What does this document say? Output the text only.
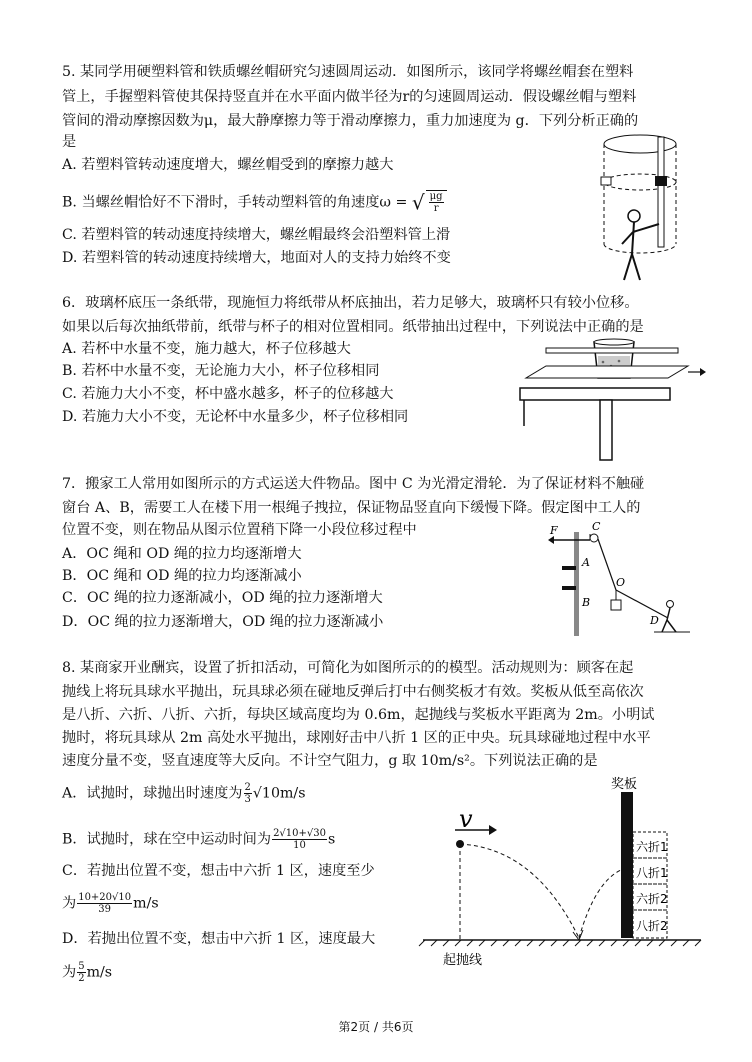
5. 某同学用硬塑料管和铁质螺丝帽研究匀速圆周运动．如图所示，该同学将螺丝帽套在塑料
管上，手握塑料管使其保持竖直并在水平面内做半径为r的匀速圆周运动．假设螺丝帽与塑料
管间的滑动摩擦因数为μ，最大静摩擦力等于滑动摩擦力，重力加速度为 g．下列分析正确的
是
A. 若塑料管转动速度增大，螺丝帽受到的摩擦力越大
B. 当螺丝帽恰好不下滑时，手转动塑料管的角速度ω = √ $\frac{\mu g}{r}$
C. 若塑料管的转动速度持续增大，螺丝帽最终会沿塑料管上滑
D. 若塑料管的转动速度持续增大，地面对人的支持力始终不变
6．玻璃杯底压一条纸带，现施恒力将纸带从杯底抽出，若力足够大，玻璃杯只有较小位移。
如果以后每次抽纸带前，纸带与杯子的相对位置相同。纸带抽出过程中，下列说法中正确的是
A. 若杯中水量不变，施力越大，杯子位移越大
B. 若杯中水量不变，无论施力大小，杯子位移相同
C. 若施力大小不变，杯中盛水越多，杯子的位移越大
D. 若施力大小不变，无论杯中水量多少，杯子位移相同
7．搬家工人常用如图所示的方式运送大件物品。图中 C 为光滑定滑轮．为了保证材料不触碰
窗台 A、B，需要工人在楼下用一根绳子拽拉，保证物品竖直向下缓慢下降。假定图中工人的
位置不变，则在物品从图示位置稍下降一小段位移过程中
A．OC 绳和 OD 绳的拉力均逐渐增大
B．OC 绳和 OD 绳的拉力均逐渐减小
C．OC 绳的拉力逐渐减小，OD 绳的拉力逐渐增大
D．OC 绳的拉力逐渐增大，OD 绳的拉力逐渐减小
F	C
A
B
O
D
8. 某商家开业酬宾，设置了折扣活动，可简化为如图所示的的模型。活动规则为：顾客在起
抛线上将玩具球水平抛出，玩具球必须在碰地反弹后打中右侧奖板才有效。奖板从低至高依次
是八折、六折、八折、六折，每块区域高度均为 0.6m，起抛线与奖板水平距离为 2m。小明试
抛时，将玩具球从 2m 高处水平抛出，球刚好击中八折 1 区的正中央。玩具球碰地过程中水平
速度分量不变，竖直速度等大反向。不计空气阻力，g 取 10m/s²。下列说法正确的是
A．试抛时，球抛出时速度为 $\frac{2}{3} √10m/s$
B．试抛时，球在空中运动时间为 $\frac{2√10+√30}{10}$ s
C．若抛出位置不变，想击中六折 1 区，速度至少
为 $\frac{10+20√10}{39} m/s$
D．若抛出位置不变，想击中六折 1 区，速度最大
为 $\frac{5}{2} m/s$
奖板
六折1
八折1
六折2
八折2
v
起抛线
第2页 / 共6页
